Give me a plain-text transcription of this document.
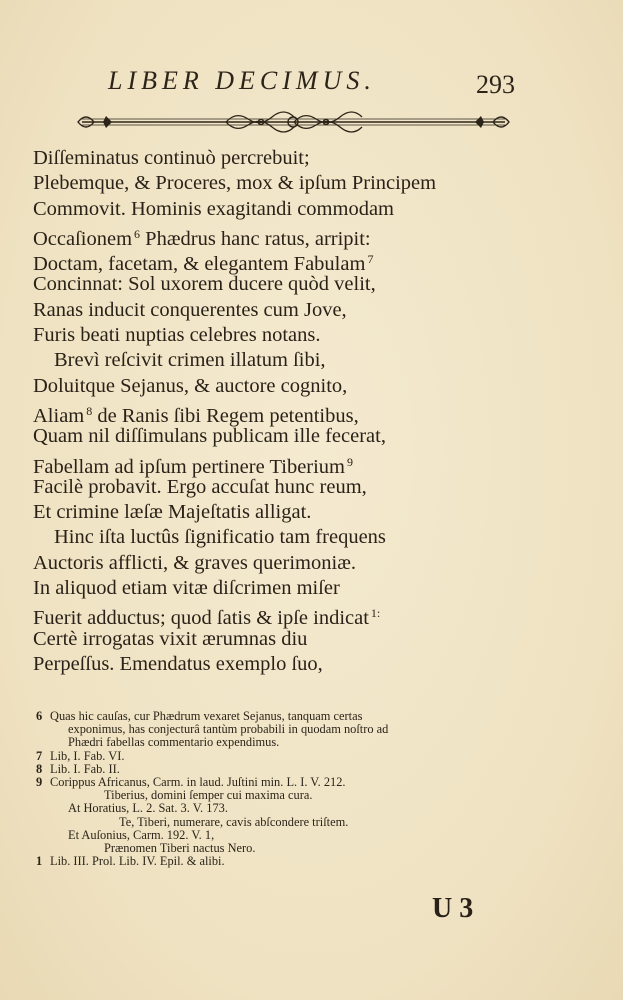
LIBER DECIMUS.	293
Diſſeminatus continuò percrebuit;
Plebemque, & Proceres, mox & ipſum Principem
Commovit. Hominis exagitandi commodam
Occaſionem $^6$ Phædrus hanc ratus, arripit:
Doctam, facetam, & elegantem Fabulam $^7$
Concinnat: Sol uxorem ducere quòd velit,
Ranas inducit conquerentes cum Jove,
Furis beati nuptias celebres notans.
Brevì reſcivit crimen illatum ſibi,
Doluitque Sejanus, & auctore cognito,
Aliam $^8$ de Ranis ſibi Regem petentibus,
Quam nil diſſimulans publicam ille fecerat,
Fabellam ad ipſum pertinere Tiberium $^9$
Facilè probavit. Ergo accuſat hunc reum,
Et crimine læſæ Majeſtatis alligat.
Hinc iſta luctûs ſignificatio tam frequens
Auctoris afflicti, & graves querimoniæ.
In aliquod etiam vitæ diſcrimen miſer
Fuerit adductus; quod ſatis & ipſe indicat $^{1:}$
Certè irrogatas vixit ærumnas diu
Perpeſſus. Emendatus exemplo ſuo,
6 Quas hic cauſas, cur Phædrum vexaret Sejanus, tanquam certas
exponimus, has conjecturâ tantùm probabili in quodam noſtro ad
Phædri fabellas commentario expendimus.
7 Lib, I. Fab. VI.
8 Lib. I. Fab. II.
9 Corippus Africanus, Carm. in laud. Juſtini min. L. I. V. 212.
Tiberius, domini ſemper cui maxima cura.
At Horatius, L. 2. Sat. 3. V. 173.
Te, Tiberi, numerare, cavis abſcondere triſtem.
Et Auſonius, Carm. 192. V. 1,
Prænomen Tiberi nactus Nero.
1 Lib. III. Prol. Lib. IV. Epil. & alibi.
U 3
